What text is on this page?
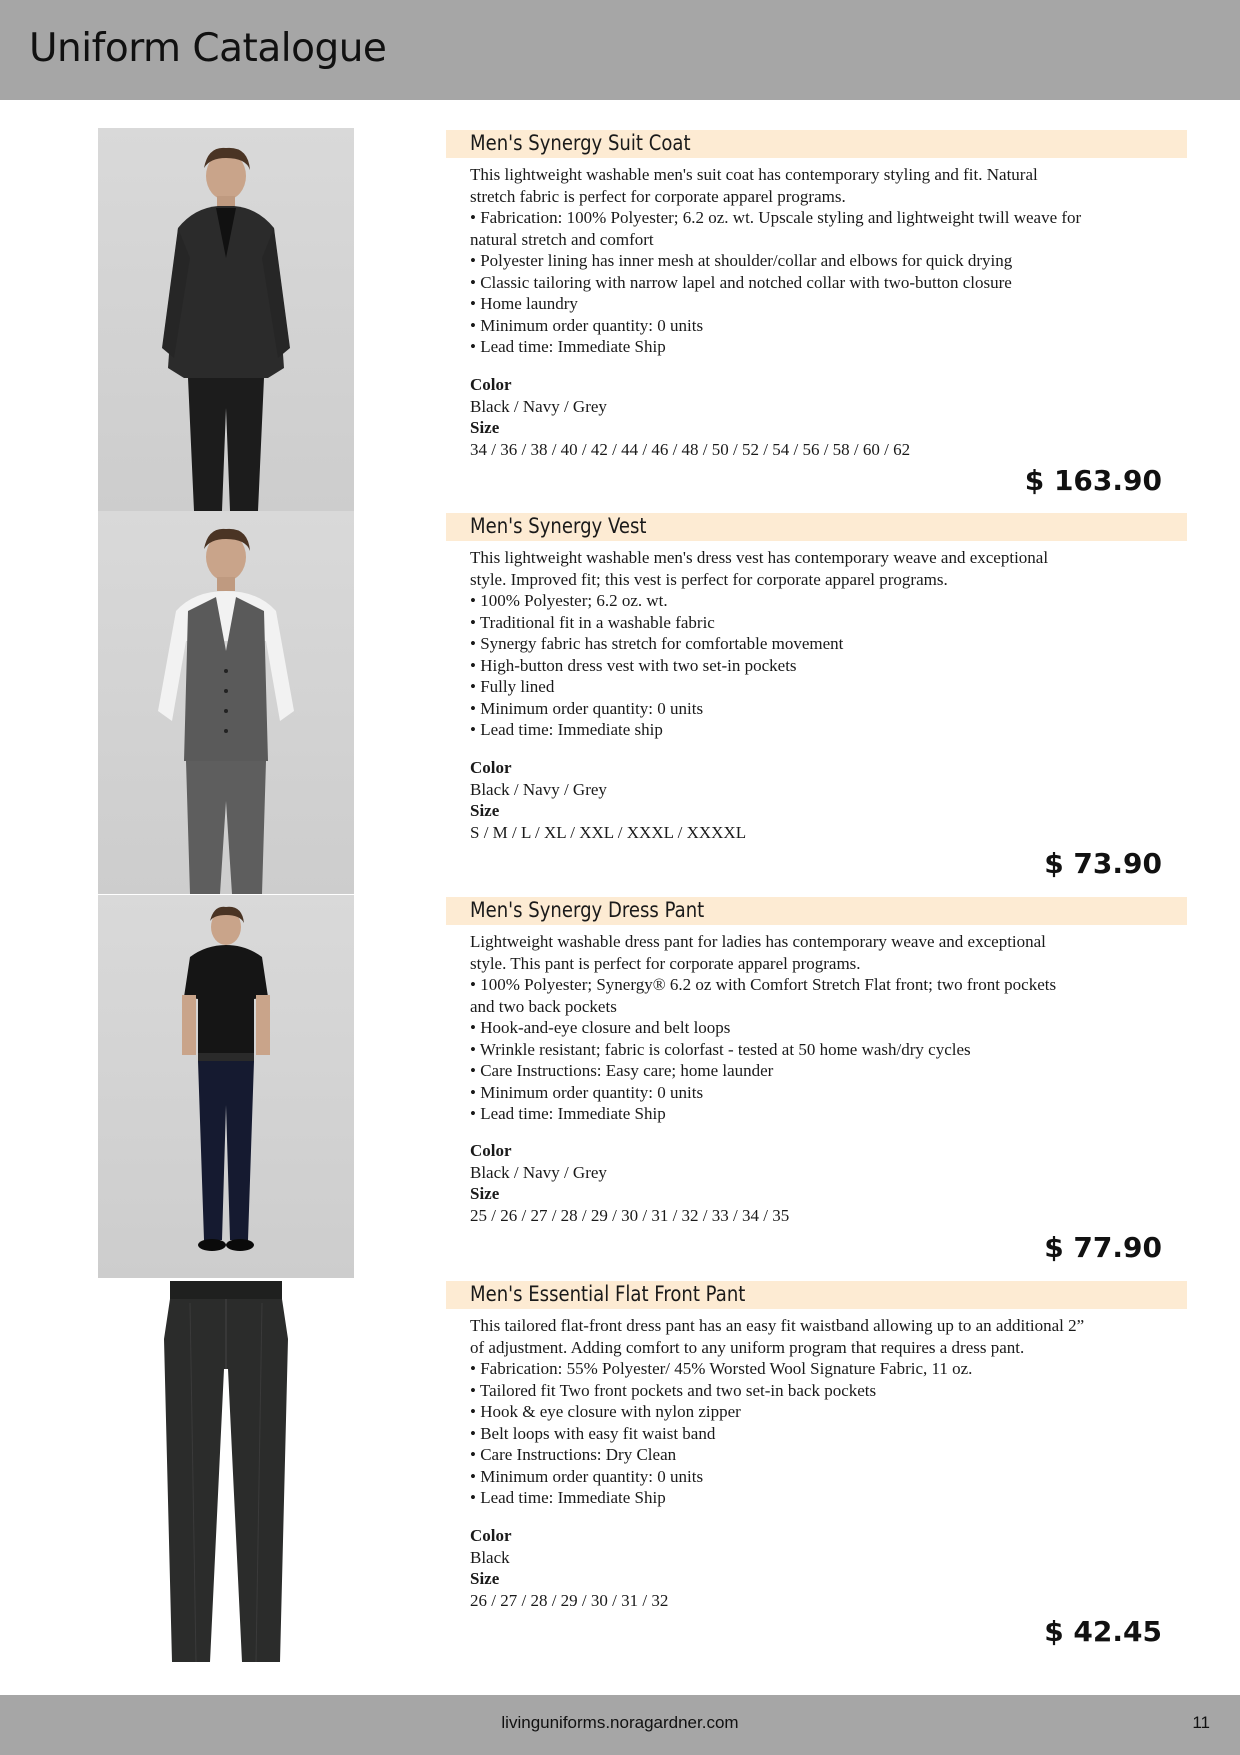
Uniform Catalogue
Men's Synergy Suit Coat
This lightweight washable men's suit coat has contemporary styling and fit. Natural
stretch fabric is perfect for corporate apparel programs.
• Fabrication: 100% Polyester; 6.2 oz. wt. Upscale styling and lightweight twill weave for
natural stretch and comfort
• Polyester lining has inner mesh at shoulder/collar and elbows for quick drying
• Classic tailoring with narrow lapel and notched collar with two-button closure
• Home laundry
• Minimum order quantity: 0 units
• Lead time: Immediate Ship
Color
Black / Navy / Grey
Size
34 / 36 / 38 / 40 / 42 / 44 / 46 / 48 / 50 / 52 / 54 / 56 / 58 / 60 / 62
$ 163.90
Men's Synergy Vest
This lightweight washable men's dress vest has contemporary weave and exceptional
style. Improved fit; this vest is perfect for corporate apparel programs.
• 100% Polyester; 6.2 oz. wt.
• Traditional fit in a washable fabric
• Synergy fabric has stretch for comfortable movement
• High-button dress vest with two set-in pockets
• Fully lined
• Minimum order quantity: 0 units
• Lead time: Immediate ship
Color
Black / Navy / Grey
Size
S / M / L / XL / XXL / XXXL / XXXXL
$ 73.90
Men's Synergy Dress Pant
Lightweight washable dress pant for ladies has contemporary weave and exceptional
style. This pant is perfect for corporate apparel programs.
• 100% Polyester; Synergy® 6.2 oz with Comfort Stretch Flat front; two front pockets
and two back pockets
• Hook-and-eye closure and belt loops
• Wrinkle resistant; fabric is colorfast - tested at 50 home wash/dry cycles
• Care Instructions: Easy care; home launder
• Minimum order quantity: 0 units
• Lead time: Immediate Ship
Color
Black / Navy / Grey
Size
25 / 26 / 27 / 28 / 29 / 30 / 31 / 32 / 33 / 34 / 35
$ 77.90
Men's Essential Flat Front Pant
This tailored flat-front dress pant has an easy fit waistband allowing up to an additional 2”
of adjustment. Adding comfort to any uniform program that requires a dress pant.
• Fabrication: 55% Polyester/ 45% Worsted Wool Signature Fabric, 11 oz.
• Tailored fit Two front pockets and two set-in back pockets
• Hook & eye closure with nylon zipper
• Belt loops with easy fit waist band
• Care Instructions: Dry Clean
• Minimum order quantity: 0 units
• Lead time: Immediate Ship
Color
Black
Size
26 / 27 / 28 / 29 / 30 / 31 / 32
$ 42.45
livinguniforms.noragardner.com	11
